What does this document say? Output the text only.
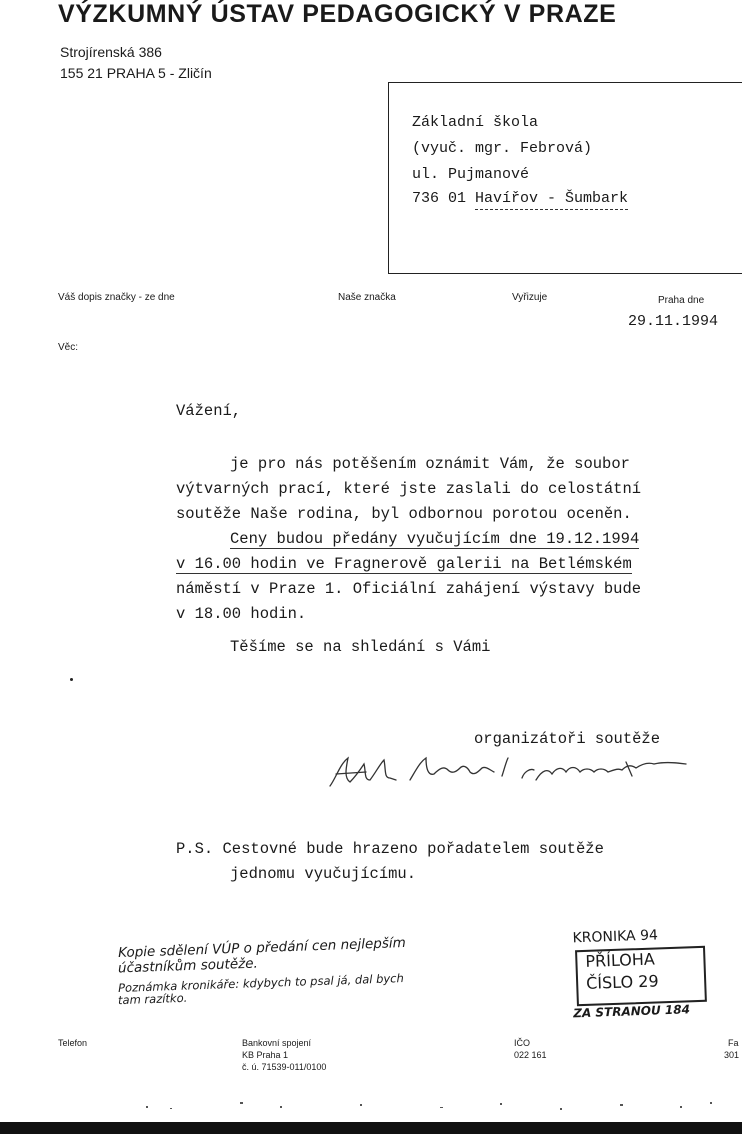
VÝZKUMNÝ ÚSTAV PEDAGOGICKÝ V PRAZE
Strojírenská 386
155 21 PRAHA 5 - Zličín
Základní škola
(vyuč. mgr. Febrová)
ul. Pujmanové
736 01 Havířov - Šumbark
Váš dopis značky - ze dne	Naše značka	Vyřizuje	Praha dne
29.11.1994
Věc:
Vážení,
je pro nás potěšením oznámit Vám, že soubor
výtvarných prací, které jste zaslali do celostátní
soutěže Naše rodina, byl odbornou porotou oceněn.
Ceny budou předány vyučujícím dne 19.12.1994
v 16.00 hodin ve Fragnerově galerii na Betlémském
náměstí v Praze 1. Oficiální zahájení výstavy bude
v 18.00 hodin.
Těšíme se na shledání s Vámi
organizátoři soutěže
P.S. Cestovné bude hrazeno pořadatelem soutěže
jednomu vyučujícímu.
Kopie sdělení VÚP o předání cen nejlepším
účastníkům soutěže.
Poznámka kronikáře: kdybych to psal já, dal bych
tam razítko.
KRONIKA 94
PŘÍLOHA
ČÍSLO 29
ZA STRANOU 184
Telefon	Bankovní spojení
KB Praha 1
č. ú. 71539-011/0100
IČO
022 161
Fa
301
